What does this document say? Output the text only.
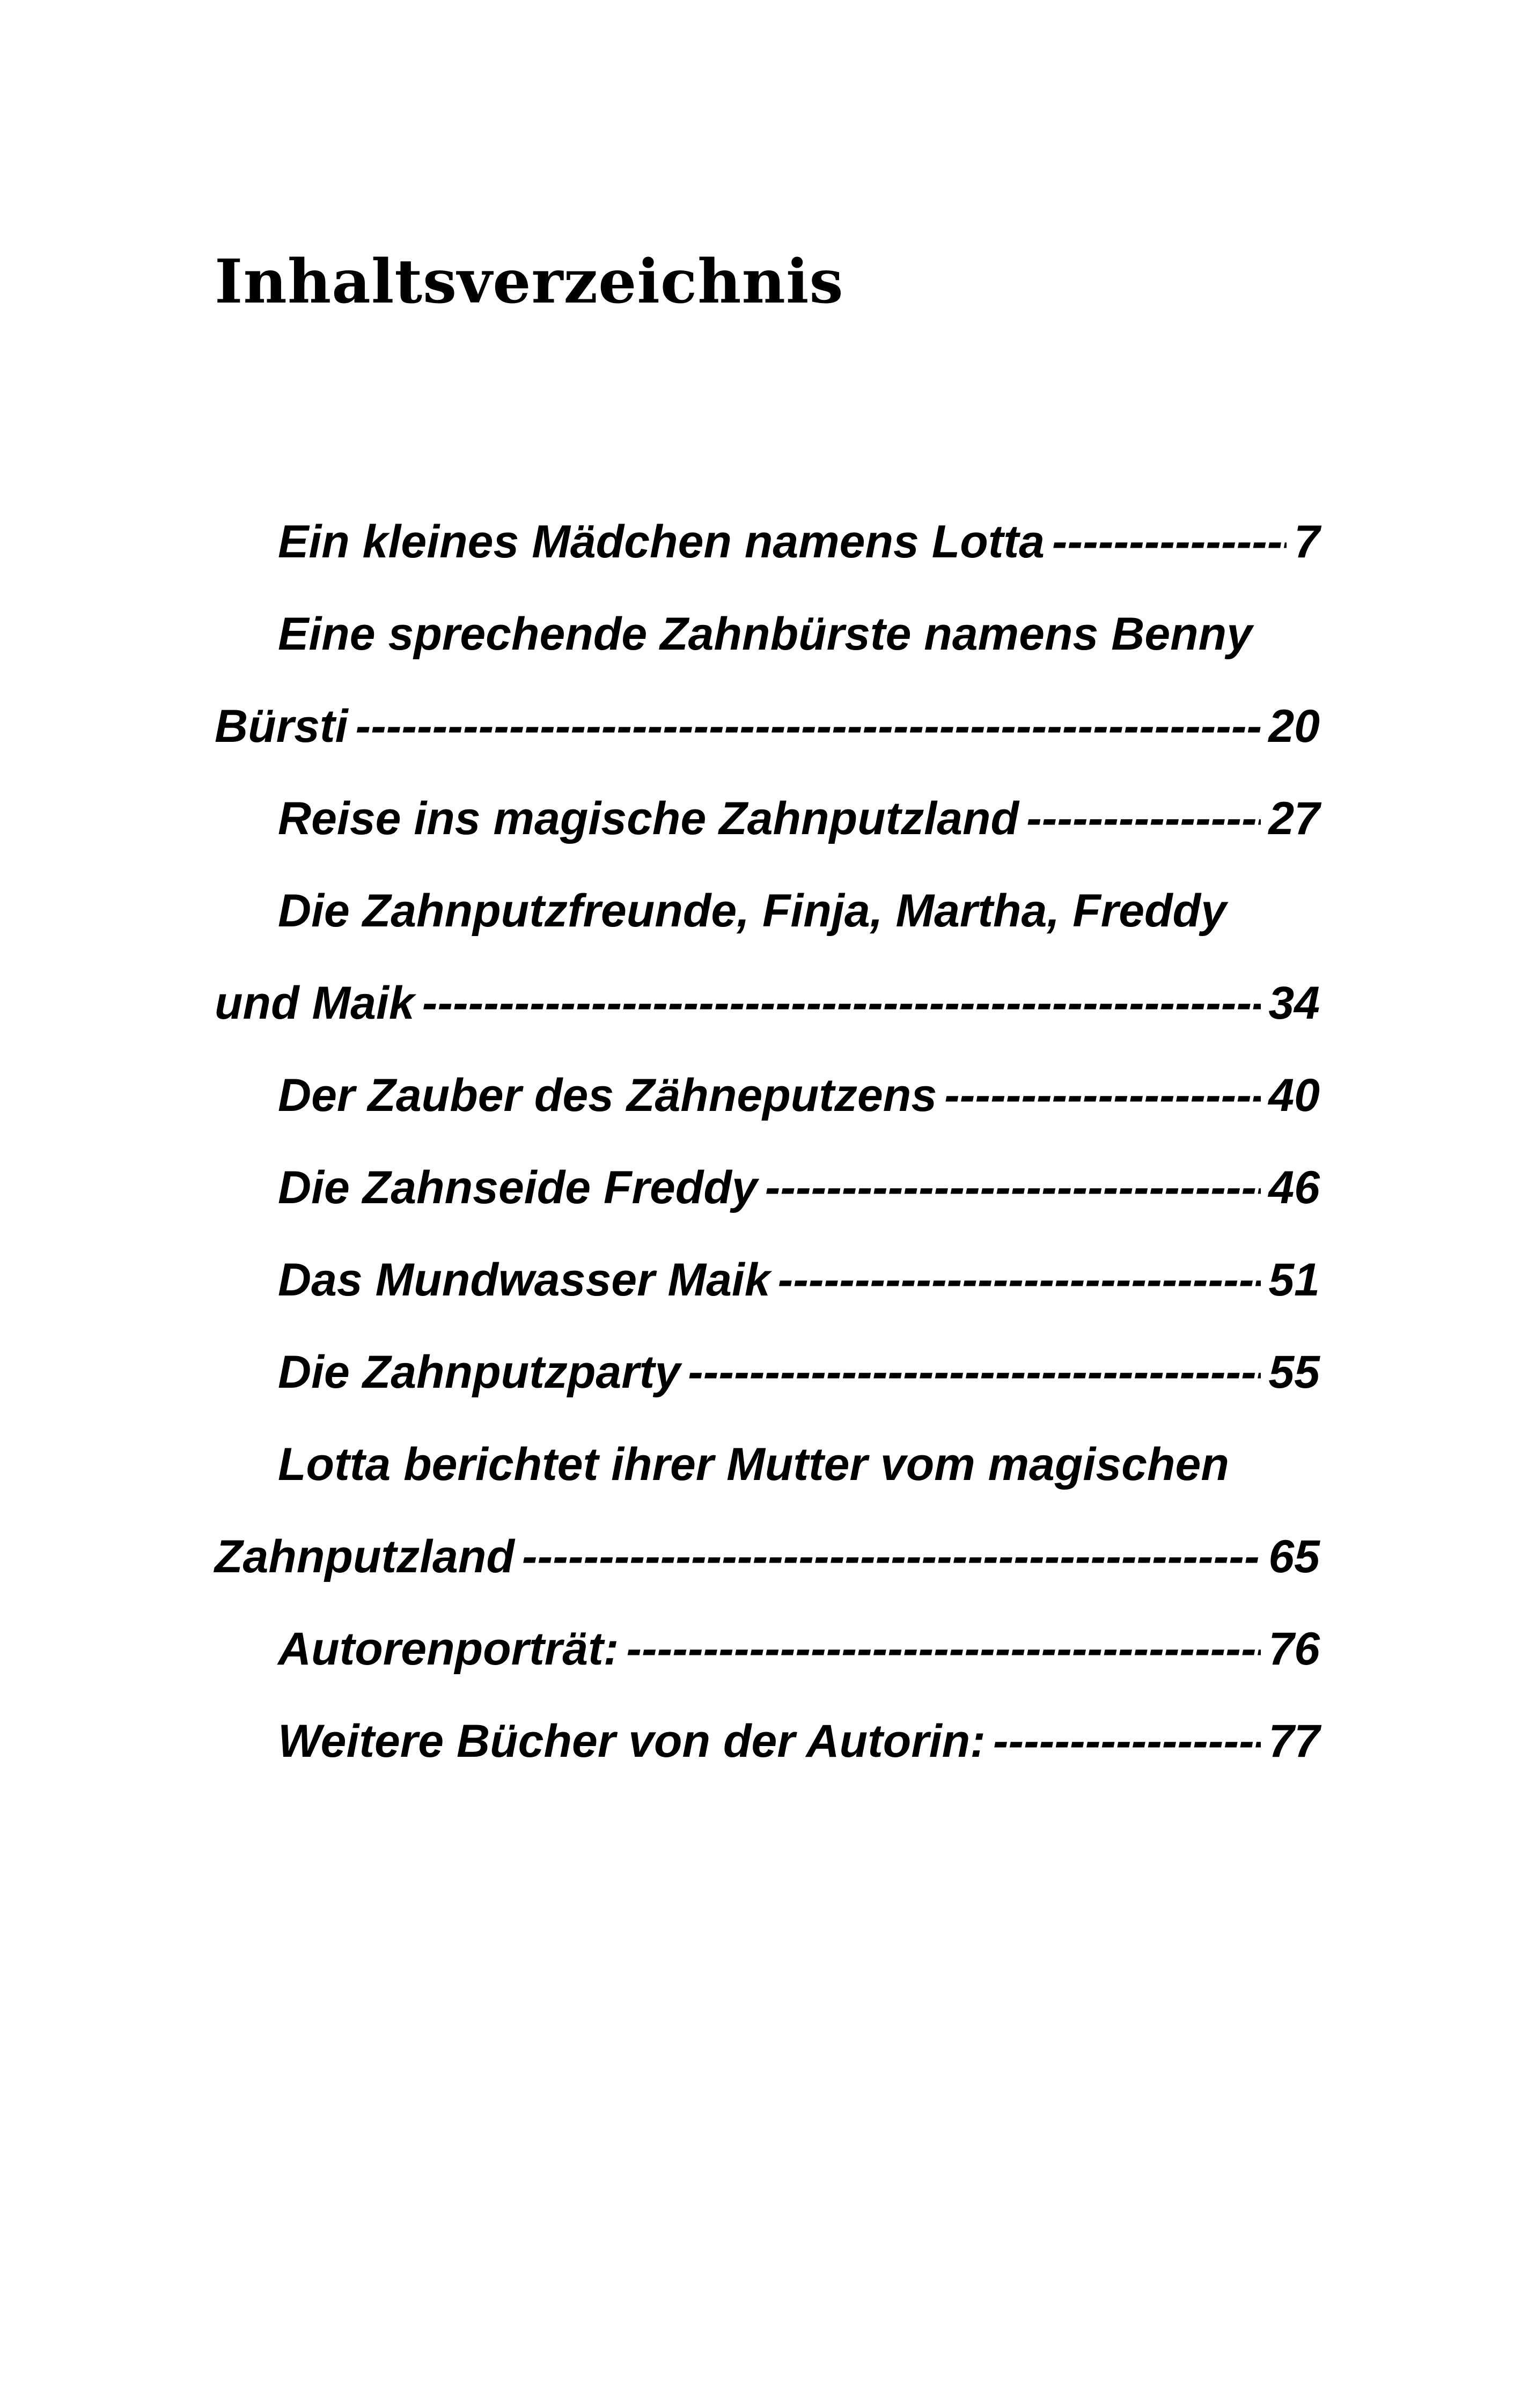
Inhaltsverzeichnis
Ein kleines Mädchen namens Lotta -----	7
Eine sprechende Zahnbürste namens Benny
Bürsti -----	20
Reise ins magische Zahnputzland -----	27
Die Zahnputzfreunde, Finja, Martha, Freddy
und Maik -----	34
Der Zauber des Zähneputzens -----	40
Die Zahnseide Freddy -----	46
Das Mundwasser Maik -----	51
Die Zahnputzparty -----	55
Lotta berichtet ihrer Mutter vom magischen
Zahnputzland -----	65
Autorenporträt: -----	76
Weitere Bücher von der Autorin: -----	77
